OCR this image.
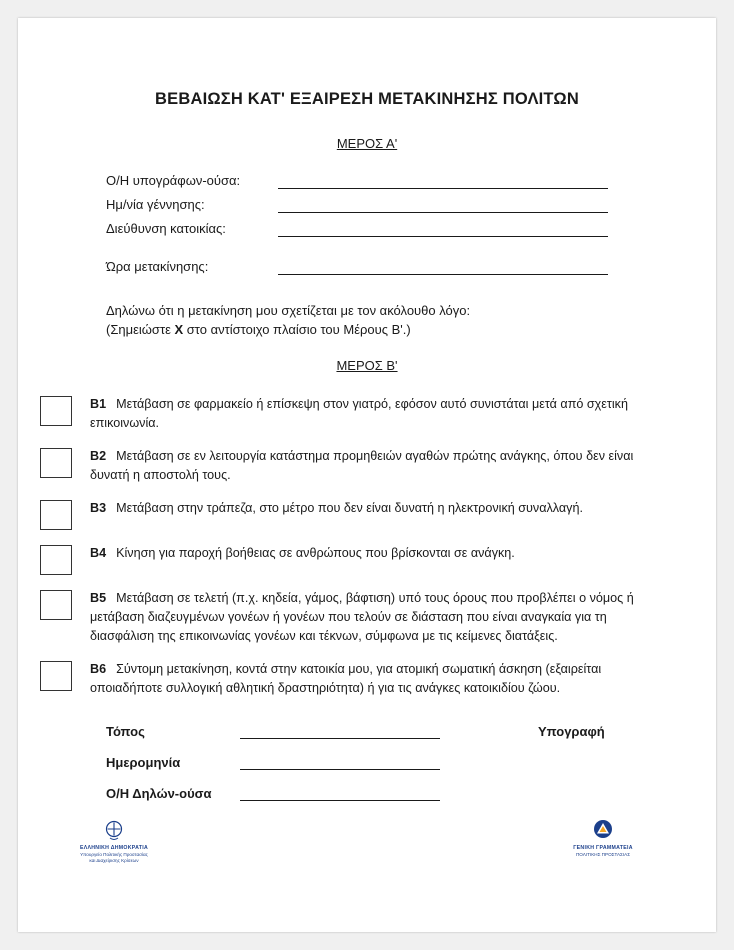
ΒΕΒΑΙΩΣΗ ΚΑΤ' ΕΞΑΙΡΕΣΗ ΜΕΤΑΚΙΝΗΣΗΣ ΠΟΛΙΤΩΝ
ΜΕΡΟΣ Α'
Ο/Η υπογράφων-ούσα:
Ημ/νία γέννησης:
Διεύθυνση κατοικίας:
Ώρα μετακίνησης:
Δηλώνω ότι η μετακίνηση μου σχετίζεται με τον ακόλουθο λόγο:
(Σημειώστε Χ στο αντίστοιχο πλαίσιο του Μέρους Β'.)
ΜΕΡΟΣ Β'
Β1 Μετάβαση σε φαρμακείο ή επίσκεψη στον γιατρό, εφόσον αυτό συνιστάται μετά από σχετική επικοινωνία.
Β2 Μετάβαση σε εν λειτουργία κατάστημα προμηθειών αγαθών πρώτης ανάγκης, όπου δεν είναι δυνατή η αποστολή τους.
Β3 Μετάβαση στην τράπεζα, στο μέτρο που δεν είναι δυνατή η ηλεκτρονική συναλλαγή.
Β4 Κίνηση για παροχή βοήθειας σε ανθρώπους που βρίσκονται σε ανάγκη.
Β5 Μετάβαση σε τελετή (π.χ. κηδεία, γάμος, βάφτιση) υπό τους όρους που προβλέπει ο νόμος ή μετάβαση διαζευγμένων γονέων ή γονέων που τελούν σε διάσταση που είναι αναγκαία για τη διασφάλιση της επικοινωνίας γονέων και τέκνων, σύμφωνα με τις κείμενες διατάξεις.
Β6 Σύντομη μετακίνηση, κοντά στην κατοικία μου, για ατομική σωματική άσκηση (εξαιρείται οποιαδήποτε συλλογική αθλητική δραστηριότητα) ή για τις ανάγκες κατοικιδίου ζώου.
Τόπος	Υπογραφή
Ημερομηνία
Ο/Η Δηλών-ούσα
ΕΛΛΗΝΙΚΗ ΔΗΜΟΚΡΑΤΙΑ
Υπουργείο Πολιτικής Προστασίας
και Διαχείρισης Κρίσεων
ΓΕΝΙΚΗ ΓΡΑΜΜΑΤΕΙΑ
ΠΟΛΙΤΙΚΗΣ ΠΡΟΣΤΑΣΙΑΣ
